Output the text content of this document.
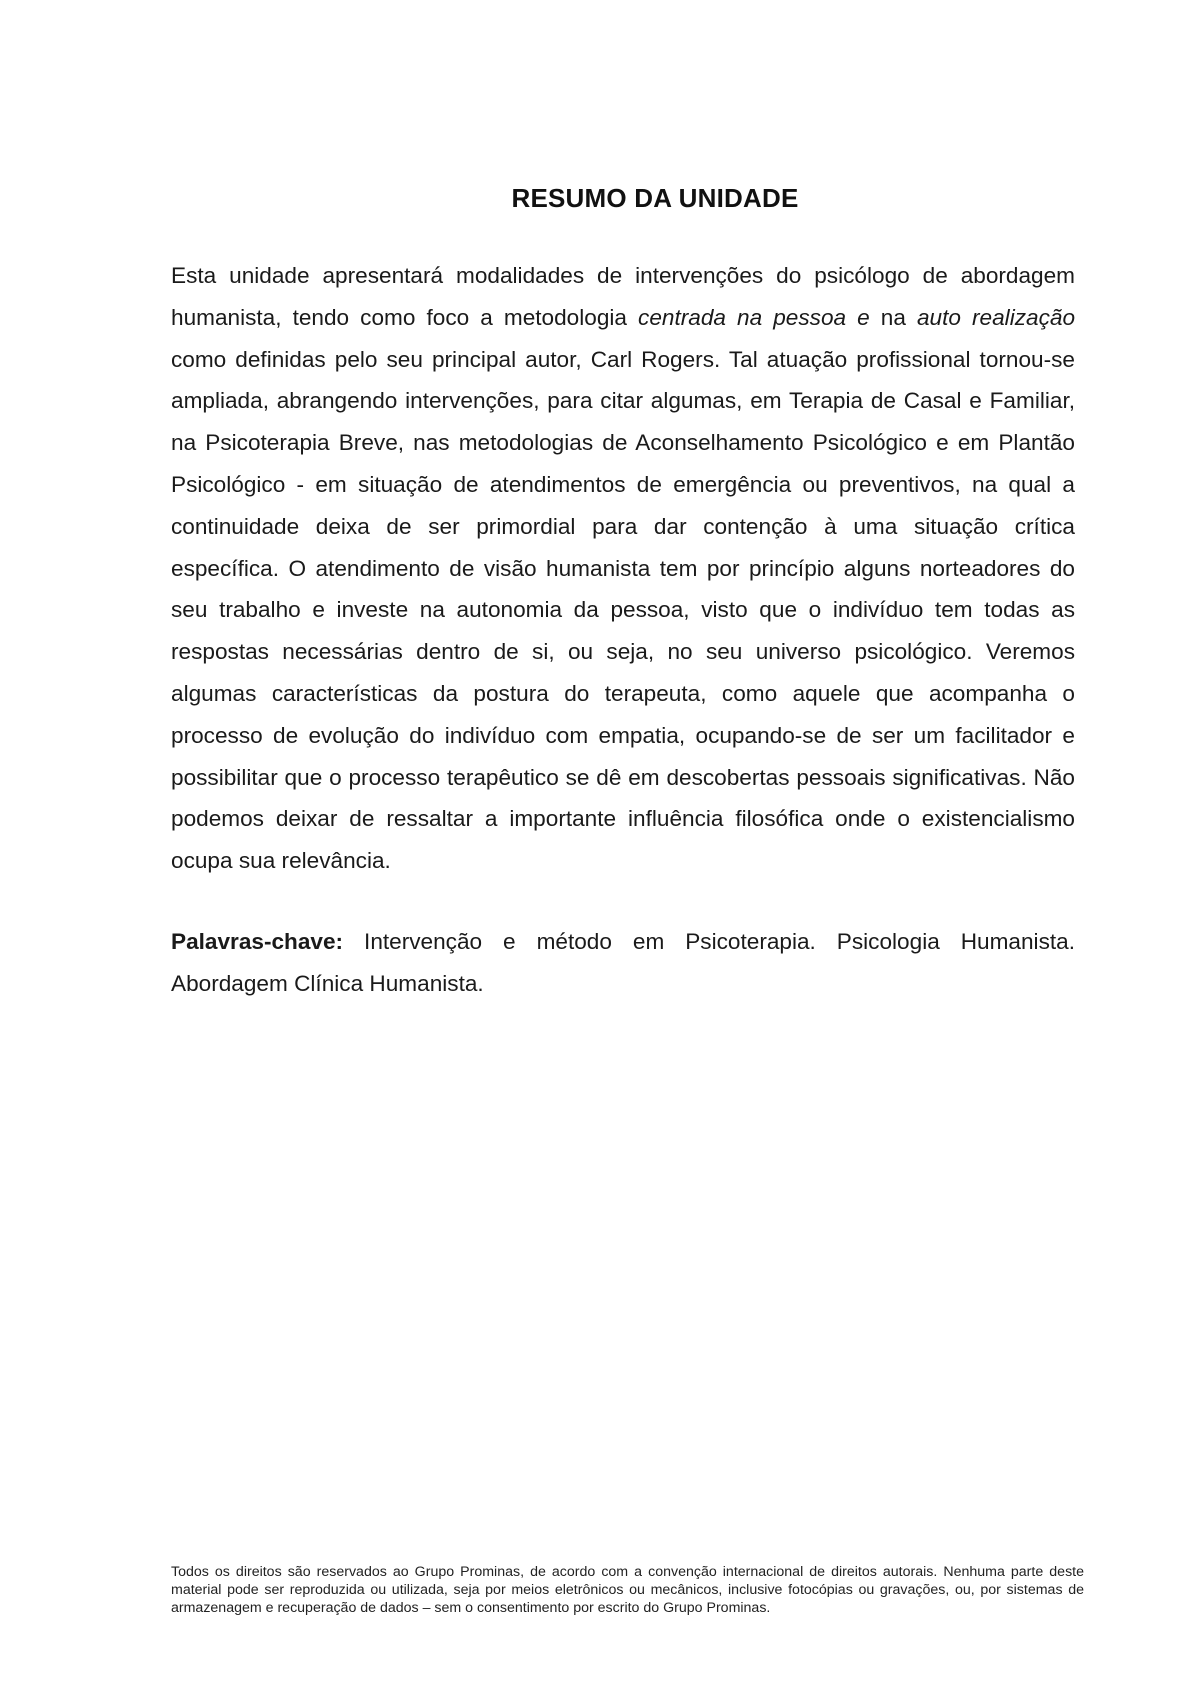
RESUMO DA UNIDADE

Esta unidade apresentará modalidades de intervenções do psicólogo de abordagem humanista, tendo como foco a metodologia centrada na pessoa e na auto realização como definidas pelo seu principal autor, Carl Rogers. Tal atuação profissional tornou-se ampliada, abrangendo intervenções, para citar algumas, em Terapia de Casal e Familiar, na Psicoterapia Breve, nas metodologias de Aconselhamento Psicológico e em Plantão Psicológico - em situação de atendimentos de emergência ou preventivos, na qual a continuidade deixa de ser primordial para dar contenção à uma situação crítica específica. O atendimento de visão humanista tem por princípio alguns norteadores do seu trabalho e investe na autonomia da pessoa, visto que o indivíduo tem todas as respostas necessárias dentro de si, ou seja, no seu universo psicológico. Veremos algumas características da postura do terapeuta, como aquele que acompanha o processo de evolução do indivíduo com empatia, ocupando-se de ser um facilitador e possibilitar que o processo terapêutico se dê em descobertas pessoais significativas. Não podemos deixar de ressaltar a importante influência filosófica onde o existencialismo ocupa sua relevância.

Palavras-chave: Intervenção e método em Psicoterapia. Psicologia Humanista. Abordagem Clínica Humanista.

Todos os direitos são reservados ao Grupo Prominas, de acordo com a convenção internacional de direitos autorais. Nenhuma parte deste material pode ser reproduzida ou utilizada, seja por meios eletrônicos ou mecânicos, inclusive fotocópias ou gravações, ou, por sistemas de armazenagem e recuperação de dados – sem o consentimento por escrito do Grupo Prominas.
